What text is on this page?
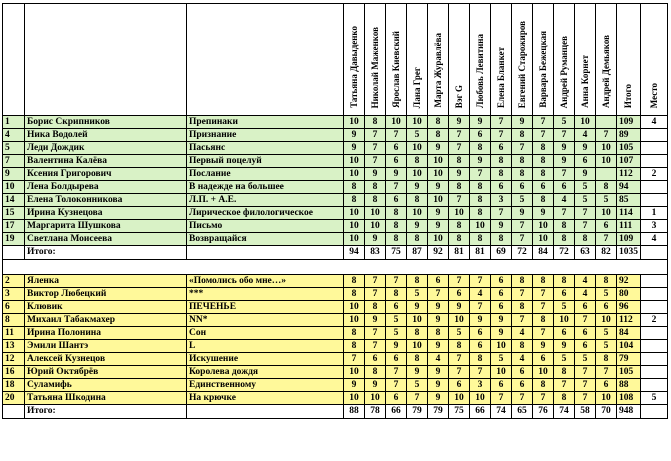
			Татьяна Давыденко	Николай Маженков	Ярослав Киевский	Лана Грег	Марта Журавлёва	Вэг G	Любовь Левитина	Елена Бланкет	Евгений Старожиров	Варвара Бежецкая	Андрей Руманцев	Анна Корнет	Андрей Демьяков	Итого	Место
1	Борис Скрипников	Препинаки	10	8	10	10	8	9	9	7	9	7	5	10		109	4
4	Ника Водолей	Признание	9	7	7	5	8	7	6	7	8	7	7	4	7	89	
5	Леди Дождик	Пасьянс	9	7	6	10	9	7	8	6	7	8	9	9	10	105	
7	Валентина Калёва	Первый поцелуй	10	7	6	8	10	8	9	8	8	8	9	6	10	107	
9	Ксения Григорович	Послание	10	9	9	10	10	9	7	8	8	8	7	9		112	2
10	Лена Болдырева	В надежде на большее	8	8	7	9	9	8	8	6	6	6	6	5	8	94	
14	Елена Толоконникова	Л.П. + А.Е.	8	8	6	8	10	7	8	3	5	8	4	5	5	85	
15	Ирина Кузнецова	Лирическое филологическое	10	10	8	10	9	10	8	7	9	9	7	7	10	114	1
17	Маргарита Шушкова	Письмо	10	10	8	9	9	8	10	9	7	10	8	7	6	111	3
19	Светлана Моисеева	Возвращайся	10	9	8	8	10	8	8	8	7	10	8	8	7	109	4
	Итого:		94	83	75	87	92	81	81	69	72	84	72	63	82	1035	

2	Яленка	«Помолись обо мне…»	8	7	7	8	6	7	7	6	8	8	8	4	8	92	
3	Виктор Любецкий	***	8	7	8	5	7	6	4	6	7	7	6	4	5	80	
6	Клювик	ПЕЧЕНЬЕ	10	8	6	9	9	9	7	6	8	7	5	6	6	96	
8	Михаил Табакмахер	NN*	10	9	5	10	9	10	9	9	7	8	10	7	10	112	2
11	Ирина Полонина	Сон	8	7	5	8	8	5	6	9	4	7	6	6	5	84	
13	Эмили Шантэ	L	8	7	9	10	9	8	6	10	8	9	9	6	5	104	
12	Алексей Кузнецов	Искушение	7	6	6	8	4	7	8	5	4	6	5	5	8	79	
16	Юрий Октябрёв	Королева дождя	10	8	7	9	9	7	7	10	6	10	8	7	7	105	
18	Суламифь	Единственному	9	9	7	5	9	6	3	6	6	8	7	7	6	88	
20	Татьяна Шкодина	На крючке	10	10	6	7	9	10	10	7	7	7	8	7	10	108	5
	Итого:		88	78	66	79	79	75	66	74	65	76	74	58	70	948	
